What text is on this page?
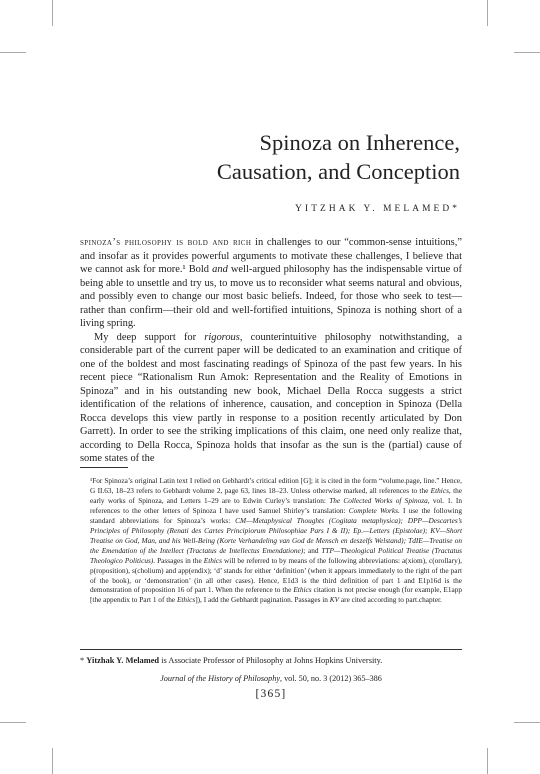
Spinoza on Inherence,
Causation, and Conception
YITZHAK Y. MELAMED*

spinoza’s philosophy is bold and rich in challenges to our “common-sense intuitions,” and insofar as it provides powerful arguments to motivate these challenges, I believe that we cannot ask for more.¹ Bold and well-argued philosophy has the indispensable virtue of being able to unsettle and try us, to move us to reconsider what seems natural and obvious, and possibly even to change our most basic beliefs. Indeed, for those who seek to test—rather than confirm—their old and well-fortified intuitions, Spinoza is nothing short of a living spring.

My deep support for rigorous, counterintuitive philosophy notwithstanding, a considerable part of the current paper will be dedicated to an examination and critique of one of the boldest and most fascinating readings of Spinoza of the past few years. In his recent piece “Rationalism Run Amok: Representation and the Reality of Emotions in Spinoza” and in his outstanding new book, Michael Della Rocca suggests a strict identification of the relations of inherence, causation, and conception in Spinoza (Della Rocca develops this view partly in response to a position recently articulated by Don Garrett). In order to see the striking implications of this claim, one need only realize that, according to Della Rocca, Spinoza holds that insofar as the sun is the (partial) cause of some states of the

¹For Spinoza’s original Latin text I relied on Gebhardt’s critical edition [G]; it is cited in the form “volume.page, line.” Hence, G II.63, 18–23 refers to Gebhardt volume 2, page 63, lines 18–23. Unless otherwise marked, all references to the Ethics, the early works of Spinoza, and Letters 1–29 are to Edwin Curley’s translation: The Collected Works of Spinoza, vol. 1. In references to the other letters of Spinoza I have used Samuel Shirley’s translation: Complete Works. I use the following standard abbreviations for Spinoza’s works: CM—Metaphysical Thoughts (Cogitata metaphysica); DPP—Descartes’s Principles of Philosophy (Renati des Cartes Principiorum Philosophiae Pars I & II); Ep.—Letters (Epistolae); KV—Short Treatise on God, Man, and his Well-Being (Korte Verhandeling van God de Mensch en deszelfs Welstand); TdIE—Treatise on the Emendation of the Intellect (Tractatus de Intellectus Emendatione); and TTP—Theological Political Treatise (Tractatus Theologico Politicus). Passages in the Ethics will be referred to by means of the following abbreviations: a(xiom), c(orollary), p(roposition), s(cholium) and app(endix); ‘d’ stands for either ‘definition’ (when it appears immediately to the right of the part of the book), or ‘demonstration’ (in all other cases). Hence, E1d3 is the third definition of part 1 and E1p16d is the demonstration of proposition 16 of part 1. When the reference to the Ethics citation is not precise enough (for example, E1app [the appendix to Part 1 of the Ethics]), I add the Gebhardt pagination. Passages in KV are cited according to part.chapter.
* Yitzhak Y. Melamed is Associate Professor of Philosophy at Johns Hopkins University.
Journal of the History of Philosophy, vol. 50, no. 3 (2012) 365–386
[365]
